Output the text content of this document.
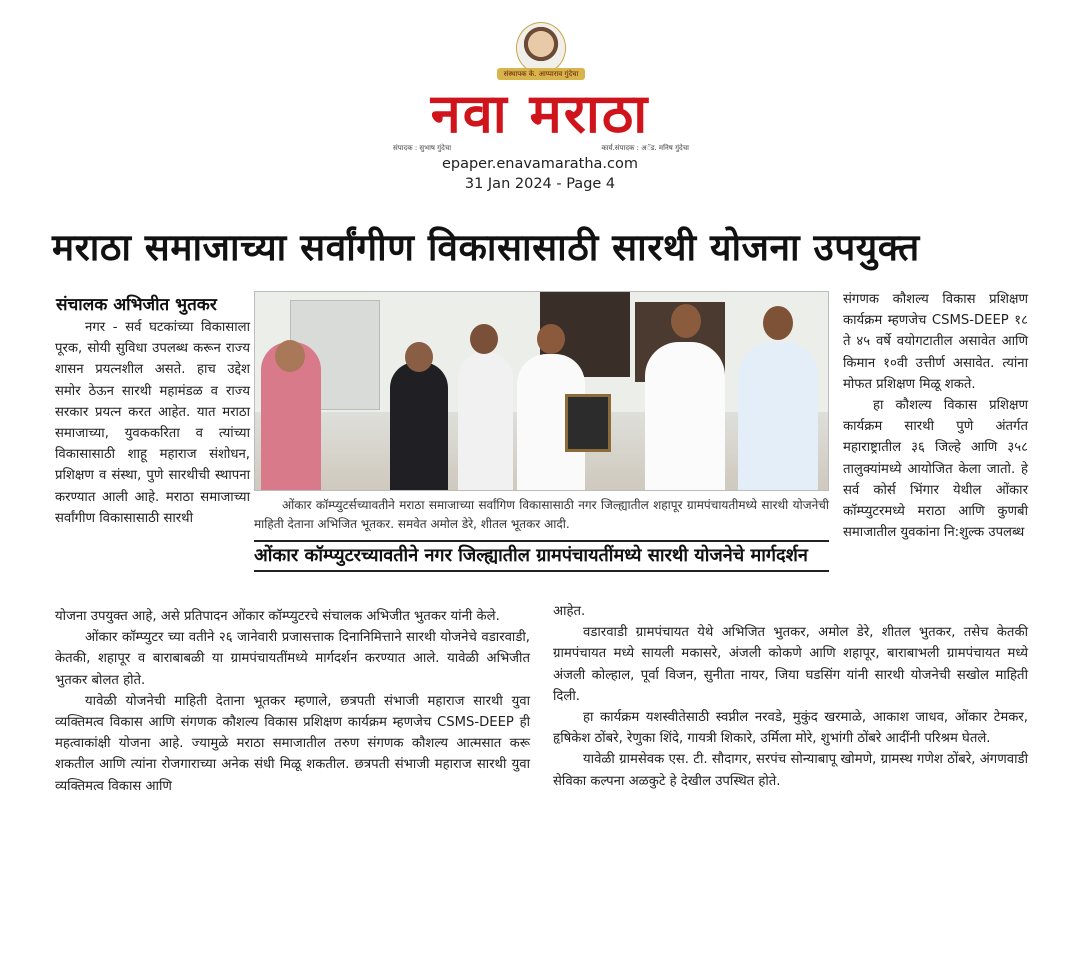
संस्थापक के. आप्पाराव गुंदेचा
नवा मराठा
संपादक : सुभाष गुंदेचा	कार्य.संपादक : अॅड. मनिष गुंदेचा
epaper.enavamaratha.com
31 Jan 2024 - Page 4
मराठा समाजाच्या सर्वांगीण विकासासाठी सारथी योजना उपयुक्त
संचालक अभिजीत भुतकर

नगर - सर्व घटकांच्या विकासाला पूरक, सोयी सुविधा उपलब्ध करून राज्य शासन प्रयत्नशील असते. हाच उद्देश समोर ठेऊन सारथी महामंडळ व राज्य सरकार प्रयत्न करत आहेत. यात मराठा समाजाच्या, युवककरिता व त्यांच्या विकासासाठी शाहू महाराज संशोधन, प्रशिक्षण व संस्था, पुणे सारथीची स्थापना करण्यात आली आहे. मराठा समाजाच्या सर्वांगीण विकासासाठी सारथी

ओंकार कॉम्प्युटर्सच्यावतीने मराठा समाजाच्या सर्वांगिण विकासासाठी नगर जिल्ह्यातील शहापूर ग्रामपंचायतीमध्ये सारथी योजनेची माहिती देताना अभिजित भूतकर. समवेत अमोल डेरे, शीतल भूतकर आदी.

ओंकार कॉम्प्युटरच्यावतीने नगर जिल्ह्यातील ग्रामपंचायतींमध्ये सारथी योजनेचे मार्गदर्शन

संगणक कौशल्य विकास प्रशिक्षण कार्यक्रम म्हणजेच CSMS-DEEP १८ ते ४५ वर्षे वयोगटातील असावेत आणि किमान १०वी उत्तीर्ण असावेत. त्यांना मोफत प्रशिक्षण मिळू शकते.

हा कौशल्य विकास प्रशिक्षण कार्यक्रम सारथी पुणे अंतर्गत महाराष्ट्रातील ३६ जिल्हे आणि ३५८ तालुक्यांमध्ये आयोजित केला जातो. हे सर्व कोर्स भिंगार येथील ओंकार कॉम्प्युटरमध्ये मराठा आणि कुणबी समाजातील युवकांना नि:शुल्क उपलब्ध

योजना उपयुक्त आहे, असे प्रतिपादन ओंकार कॉम्प्युटरचे संचालक अभिजीत भुतकर यांनी केले.

ओंकार कॉम्प्युटर च्या वतीने २६ जानेवारी प्रजासत्ताक दिनानिमित्ताने सारथी योजनेचे वडारवाडी, केतकी, शहापूर व बाराबाबळी या ग्रामपंचायतींमध्ये मार्गदर्शन करण्यात आले. यावेळी अभिजीत भुतकर बोलत होते.

यावेळी योजनेची माहिती देताना भूतकर म्हणाले, छत्रपती संभाजी महाराज सारथी युवा व्यक्तिमत्व विकास आणि संगणक कौशल्य विकास प्रशिक्षण कार्यक्रम म्हणजेच CSMS-DEEP ही महत्वाकांक्षी योजना आहे. ज्यामुळे मराठा समाजातील तरुण संगणक कौशल्य आत्मसात करू शकतील आणि त्यांना रोजगाराच्या अनेक संधी मिळू शकतील. छत्रपती संभाजी महाराज सारथी युवा व्यक्तिमत्व विकास आणि

आहेत.

वडारवाडी ग्रामपंचायत येथे अभिजित भुतकर, अमोल डेरे, शीतल भुतकर, तसेच केतकी ग्रामपंचायत मध्ये सायली मकासरे, अंजली कोकणे आणि शहापूर, बाराबाभली ग्रामपंचायत मध्ये अंजली कोल्हाल, पूर्वा विजन, सुनीता नायर, जिया घडसिंग यांनी सारथी योजनेची सखोल माहिती दिली.

हा कार्यक्रम यशस्वीतेसाठी स्वप्नील नरवडे, मुकुंद खरमाळे, आकाश जाधव, ओंकार टेमकर, हृषिकेश ठोंबरे, रेणुका शिंदे, गायत्री शिकारे, उर्मिला मोरे, शुभांगी ठोंबरे आदींनी परिश्रम घेतले.

यावेळी ग्रामसेवक एस. टी. सौदागर, सरपंच सोन्याबापू खोमणे, ग्रामस्थ गणेश ठोंबरे, अंगणवाडी सेविका कल्पना अळकुटे हे देखील उपस्थित होते.
